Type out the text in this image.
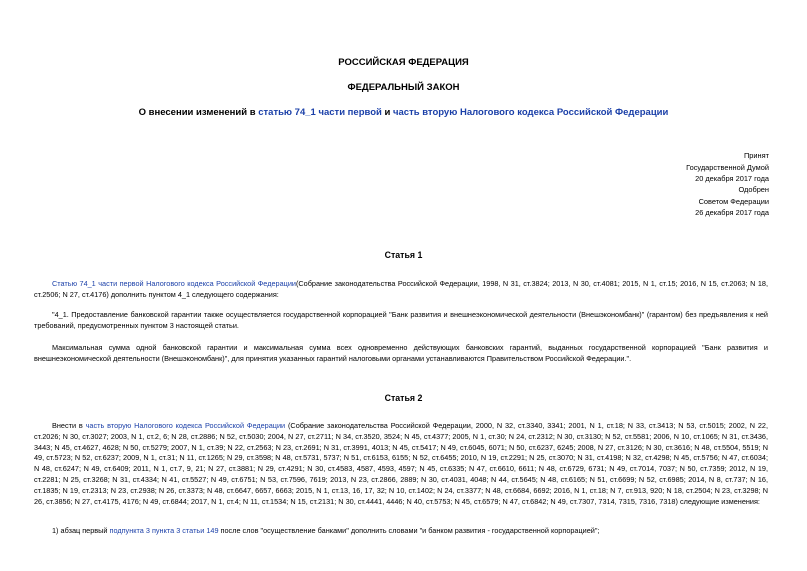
РОССИЙСКАЯ ФЕДЕРАЦИЯ
ФЕДЕРАЛЬНЫЙ ЗАКОН
О внесении изменений в статью 74_1 части первой и часть вторую Налогового кодекса Российской Федерации
Принят
Государственной Думой
20 декабря 2017 года
Одобрен
Советом Федерации
26 декабря 2017 года
Статья 1
Статью 74_1 части первой Налогового кодекса Российской Федерации(Собрание законодательства Российской Федерации, 1998, N 31, ст.3824; 2013, N 30, ст.4081; 2015, N 1, ст.15; 2016, N 15, ст.2063; N 18, ст.2506; N 27, ст.4176) дополнить пунктом 4_1 следующего содержания:
"4_1. Предоставление банковской гарантии также осуществляется государственной корпорацией "Банк развития и внешнеэкономической деятельности (Внешэкономбанк)" (гарантом) без предъявления к ней требований, предусмотренных пунктом 3 настоящей статьи.
Максимальная сумма одной банковской гарантии и максимальная сумма всех одновременно действующих банковских гарантий, выданных государственной корпорацией "Банк развития и внешнеэкономической деятельности (Внешэкономбанк)", для принятия указанных гарантий налоговыми органами устанавливаются Правительством Российской Федерации.".
Статья 2
Внести в часть вторую Налогового кодекса Российской Федерации (Собрание законодательства Российской Федерации, 2000, N 32, ст.3340, 3341; 2001, N 1, ст.18; N 33, ст.3413; N 53, ст.5015; 2002, N 22, ст.2026; N 30, ст.3027; 2003, N 1, ст.2, 6; N 28, ст.2886; N 52, ст.5030; 2004, N 27, ст.2711; N 34, ст.3520, 3524; N 45, ст.4377; 2005, N 1, ст.30; N 24, ст.2312; N 30, ст.3130; N 52, ст.5581; 2006, N 10, ст.1065; N 31, ст.3436, 3443; N 45, ст.4627, 4628; N 50, ст.5279; 2007, N 1, ст.39; N 22, ст.2563; N 23, ст.2691; N 31, ст.3991, 4013; N 45, ст.5417; N 49, ст.6045, 6071; N 50, ст.6237, 6245; 2008, N 27, ст.3126; N 30, ст.3616; N 48, ст.5504, 5519; N 49, ст.5723; N 52, ст.6237; 2009, N 1, ст.31; N 11, ст.1265; N 29, ст.3598; N 48, ст.5731, 5737; N 51, ст.6153, 6155; N 52, ст.6455; 2010, N 19, ст.2291; N 25, ст.3070; N 31, ст.4198; N 32, ст.4298; N 45, ст.5756; N 47, ст.6034; N 48, ст.6247; N 49, ст.6409; 2011, N 1, ст.7, 9, 21; N 27, ст.3881; N 29, ст.4291; N 30, ст.4583, 4587, 4593, 4597; N 45, ст.6335; N 47, ст.6610, 6611; N 48, ст.6729, 6731; N 49, ст.7014, 7037; N 50, ст.7359; 2012, N 19, ст.2281; N 25, ст.3268; N 31, ст.4334; N 41, ст.5527; N 49, ст.6751; N 53, ст.7596, 7619; 2013, N 23, ст.2866, 2889; N 30, ст.4031, 4048; N 44, ст.5645; N 48, ст.6165; N 51, ст.6699; N 52, ст.6985; 2014, N 8, ст.737; N 16, ст.1835; N 19, ст.2313; N 23, ст.2938; N 26, ст.3373; N 48, ст.6647, 6657, 6663; 2015, N 1, ст.13, 16, 17, 32; N 10, ст.1402; N 24, ст.3377; N 48, ст.6684, 6692; 2016, N 1, ст.18; N 7, ст.913, 920; N 18, ст.2504; N 23, ст.3298; N 26, ст.3856; N 27, ст.4175, 4176; N 49, ст.6844; 2017, N 1, ст.4; N 11, ст.1534; N 15, ст.2131; N 30, ст.4441, 4446; N 40, ст.5753; N 45, ст.6579; N 47, ст.6842; N 49, ст.7307, 7314, 7315, 7316, 7318) следующие изменения:
1) абзац первый подпункта 3 пункта 3 статьи 149 после слов "осуществление банками" дополнить словами "и банком развития - государственной корпорацией";
